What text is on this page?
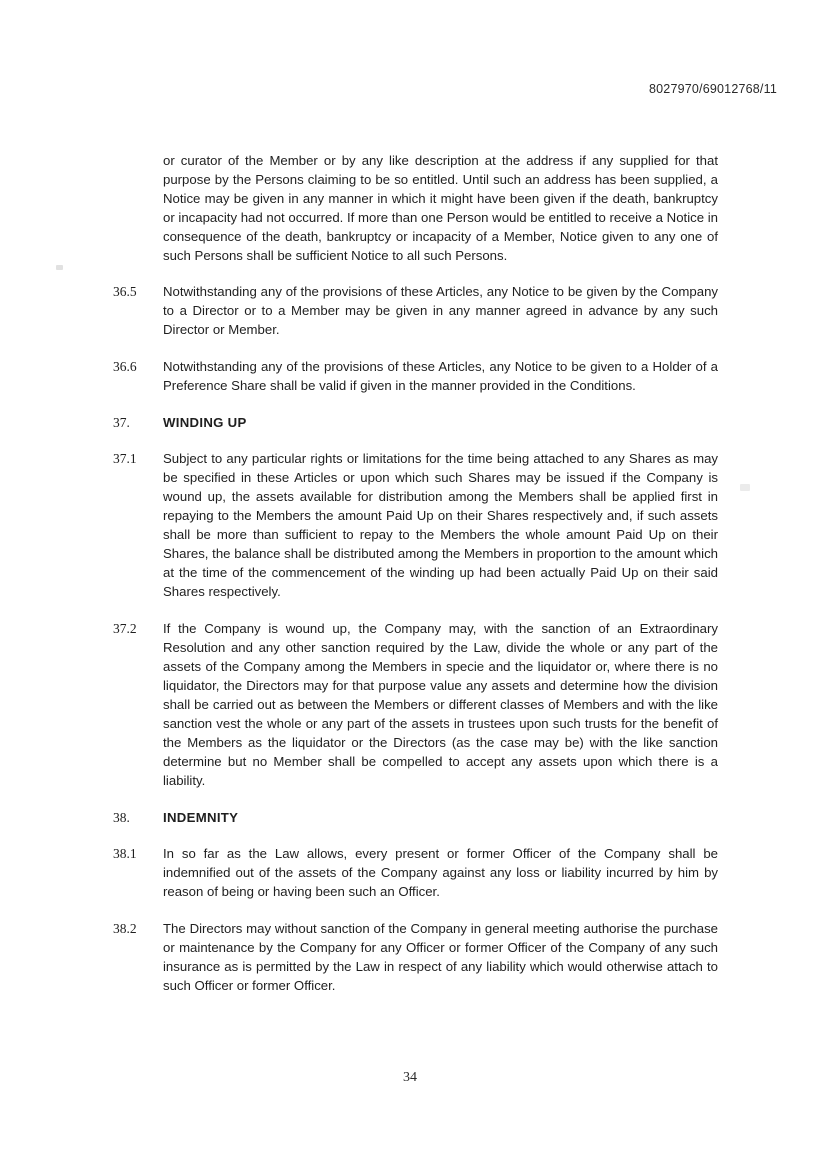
8027970/69012768/11
or curator of the Member or by any like description at the address if any supplied for that purpose by the Persons claiming to be so entitled. Until such an address has been supplied, a Notice may be given in any manner in which it might have been given if the death, bankruptcy or incapacity had not occurred. If more than one Person would be entitled to receive a Notice in consequence of the death, bankruptcy or incapacity of a Member, Notice given to any one of such Persons shall be sufficient Notice to all such Persons.
36.5	Notwithstanding any of the provisions of these Articles, any Notice to be given by the Company to a Director or to a Member may be given in any manner agreed in advance by any such Director or Member.
36.6	Notwithstanding any of the provisions of these Articles, any Notice to be given to a Holder of a Preference Share shall be valid if given in the manner provided in the Conditions.
37.	WINDING UP
37.1	Subject to any particular rights or limitations for the time being attached to any Shares as may be specified in these Articles or upon which such Shares may be issued if the Company is wound up, the assets available for distribution among the Members shall be applied first in repaying to the Members the amount Paid Up on their Shares respectively and, if such assets shall be more than sufficient to repay to the Members the whole amount Paid Up on their Shares, the balance shall be distributed among the Members in proportion to the amount which at the time of the commencement of the winding up had been actually Paid Up on their said Shares respectively.
37.2	If the Company is wound up, the Company may, with the sanction of an Extraordinary Resolution and any other sanction required by the Law, divide the whole or any part of the assets of the Company among the Members in specie and the liquidator or, where there is no liquidator, the Directors may for that purpose value any assets and determine how the division shall be carried out as between the Members or different classes of Members and with the like sanction vest the whole or any part of the assets in trustees upon such trusts for the benefit of the Members as the liquidator or the Directors (as the case may be) with the like sanction determine but no Member shall be compelled to accept any assets upon which there is a liability.
38.	INDEMNITY
38.1	In so far as the Law allows, every present or former Officer of the Company shall be indemnified out of the assets of the Company against any loss or liability incurred by him by reason of being or having been such an Officer.
38.2	The Directors may without sanction of the Company in general meeting authorise the purchase or maintenance by the Company for any Officer or former Officer of the Company of any such insurance as is permitted by the Law in respect of any liability which would otherwise attach to such Officer or former Officer.
34
